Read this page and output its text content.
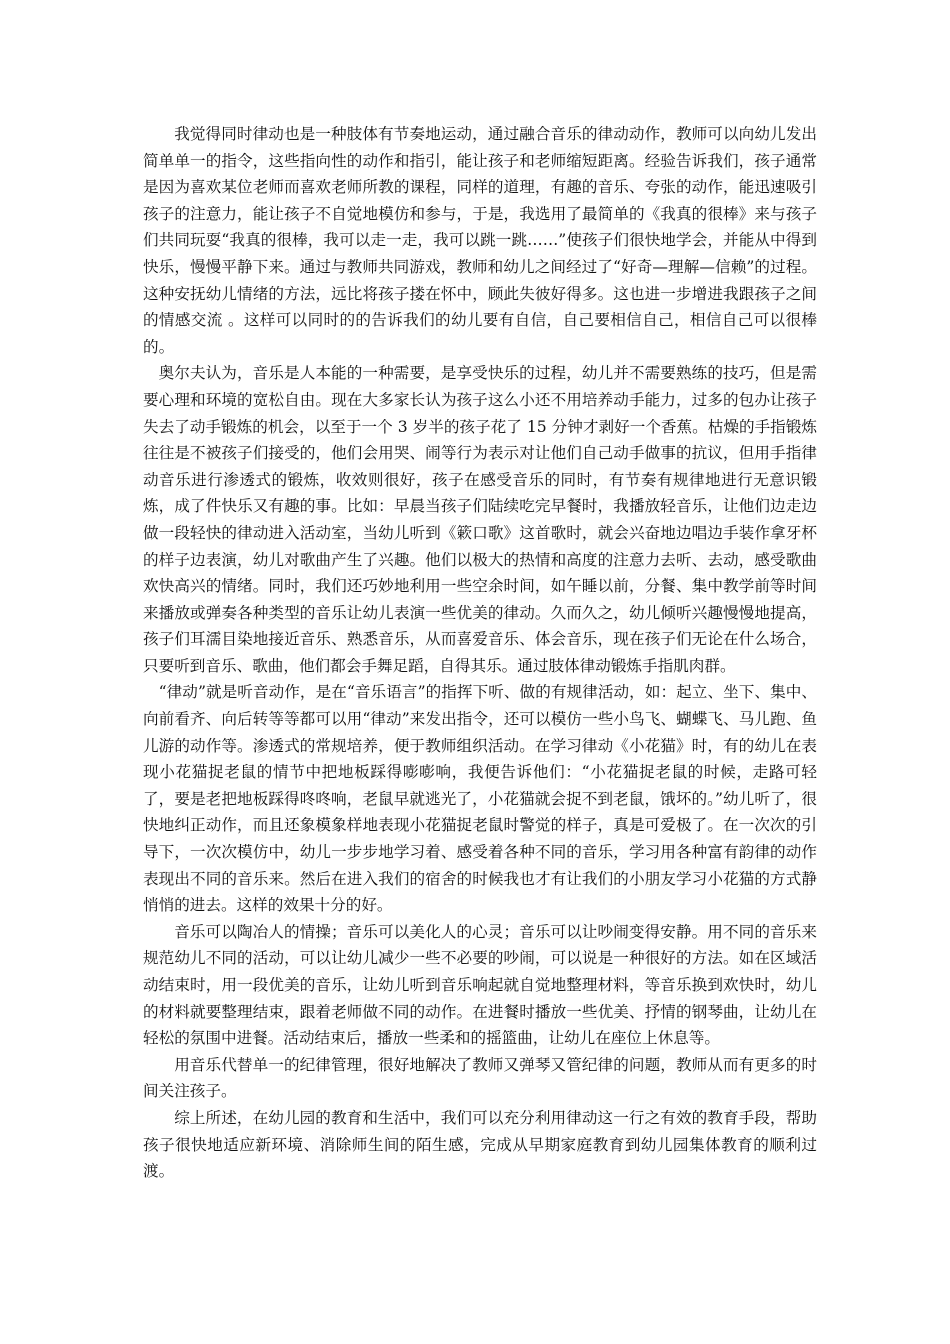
我觉得同时律动也是一种肢体有节奏地运动，通过融合音乐的律动动作，教师可以向幼儿发出简单单一的指令，这些指向性的动作和指引，能让孩子和老师缩短距离。经验告诉我们，孩子通常是因为喜欢某位老师而喜欢老师所教的课程，同样的道理，有趣的音乐、夸张的动作，能迅速吸引孩子的注意力，能让孩子不自觉地模仿和参与，于是，我选用了最简单的《我真的很棒》来与孩子们共同玩耍“我真的很棒，我可以走一走，我可以跳一跳……”使孩子们很快地学会，并能从中得到快乐，慢慢平静下来。通过与教师共同游戏，教师和幼儿之间经过了“好奇—理解—信赖”的过程。这种安抚幼儿情绪的方法，远比将孩子搂在怀中，顾此失彼好得多。这也进一步增进我跟孩子之间的情感交流 。这样可以同时的的告诉我们的幼儿要有自信，自己要相信自己，相信自己可以很棒的。

奥尔夫认为，音乐是人本能的一种需要，是享受快乐的过程，幼儿并不需要熟练的技巧，但是需要心理和环境的宽松自由。现在大多家长认为孩子这么小还不用培养动手能力，过多的包办让孩子失去了动手锻炼的机会，以至于一个 3 岁半的孩子花了 15 分钟才剥好一个香蕉。枯燥的手指锻炼往往是不被孩子们接受的，他们会用哭、闹等行为表示对让他们自己动手做事的抗议，但用手指律动音乐进行渗透式的锻炼，收效则很好，孩子在感受音乐的同时，有节奏有规律地进行无意识锻炼，成了件快乐又有趣的事。比如：早晨当孩子们陆续吃完早餐时，我播放轻音乐，让他们边走边做一段轻快的律动进入活动室，当幼儿听到《簌口歌》这首歌时，就会兴奋地边唱边手装作拿牙杯的样子边表演，幼儿对歌曲产生了兴趣。他们以极大的热情和高度的注意力去听、去动，感受歌曲欢快高兴的情绪。同时，我们还巧妙地利用一些空余时间，如午睡以前，分餐、集中教学前等时间来播放或弹奏各种类型的音乐让幼儿表演一些优美的律动。久而久之，幼儿倾听兴趣慢慢地提高，孩子们耳濡目染地接近音乐、熟悉音乐，从而喜爱音乐、体会音乐，现在孩子们无论在什么场合，只要听到音乐、歌曲，他们都会手舞足蹈，自得其乐。通过肢体律动锻炼手指肌肉群。

“律动”就是听音动作，是在“音乐语言”的指挥下听、做的有规律活动，如：起立、坐下、集中、向前看齐、向后转等等都可以用“律动”来发出指令，还可以模仿一些小鸟飞、蝴蝶飞、马儿跑、鱼儿游的动作等。渗透式的常规培养，便于教师组织活动。在学习律动《小花猫》时，有的幼儿在表现小花猫捉老鼠的情节中把地板踩得嘭嘭响，我便告诉他们：“小花猫捉老鼠的时候，走路可轻了，要是老把地板踩得咚咚响，老鼠早就逃光了，小花猫就会捉不到老鼠，饿坏的。”幼儿听了，很快地纠正动作，而且还象模象样地表现小花猫捉老鼠时警觉的样子，真是可爱极了。在一次次的引导下，一次次模仿中，幼儿一步步地学习着、感受着各种不同的音乐，学习用各种富有韵律的动作表现出不同的音乐来。然后在进入我们的宿舍的时候我也才有让我们的小朋友学习小花猫的方式静悄悄的进去。这样的效果十分的好。

音乐可以陶冶人的情操；音乐可以美化人的心灵；音乐可以让吵闹变得安静。用不同的音乐来规范幼儿不同的活动，可以让幼儿减少一些不必要的吵闹，可以说是一种很好的方法。如在区域活动结束时，用一段优美的音乐，让幼儿听到音乐响起就自觉地整理材料，等音乐换到欢快时，幼儿的材料就要整理结束，跟着老师做不同的动作。在进餐时播放一些优美、抒情的钢琴曲，让幼儿在轻松的氛围中进餐。活动结束后，播放一些柔和的摇篮曲，让幼儿在座位上休息等。

用音乐代替单一的纪律管理，很好地解决了教师又弹琴又管纪律的问题，教师从而有更多的时间关注孩子。

综上所述，在幼儿园的教育和生活中，我们可以充分利用律动这一行之有效的教育手段，帮助孩子很快地适应新环境、消除师生间的陌生感，完成从早期家庭教育到幼儿园集体教育的顺利过渡。
